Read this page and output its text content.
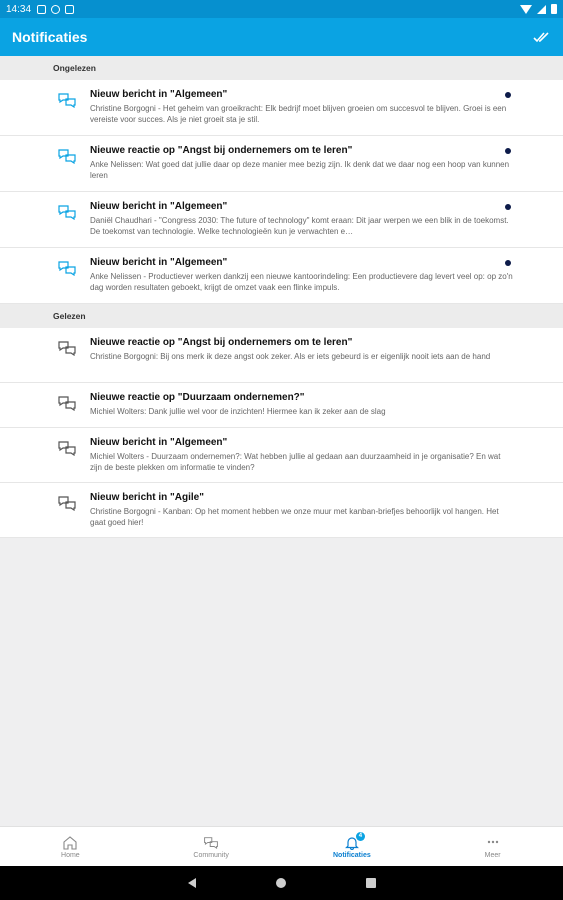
14:34
Notificaties
Ongelezen
Nieuw bericht in "Algemeen"
Christine Borgogni - Het geheim van groeikracht: Elk bedrijf moet blijven groeien om succesvol te blijven. Groei is een vereiste voor succes. Als je niet groeit sta je stil.
Nieuwe reactie op "Angst bij ondernemers om te leren"
Anke Nelissen: Wat goed dat jullie daar op deze manier mee bezig zijn. Ik denk dat we daar nog een hoop van kunnen leren
Nieuw bericht in "Algemeen"
Daniël Chaudhari - "Congress 2030: The future of technology" komt eraan: Dit jaar werpen we een blik in de toekomst. De toekomst van technologie. Welke technologieën kun je verwachten e…
Nieuw bericht in "Algemeen"
Anke Nelissen - Productiever werken dankzij een nieuwe kantoorindeling: Een productievere dag levert veel op: op zo'n dag worden resultaten geboekt, krijgt de omzet vaak een flinke impuls.
Gelezen
Nieuwe reactie op "Angst bij ondernemers om te leren"
Christine Borgogni: Bij ons merk ik deze angst ook zeker. Als er iets gebeurd is er eigenlijk nooit iets aan de hand
Nieuwe reactie op "Duurzaam ondernemen?"
Michiel Wolters: Dank jullie wel voor de inzichten! Hiermee kan ik zeker aan de slag
Nieuw bericht in "Algemeen"
Michiel Wolters - Duurzaam ondernemen?: Wat hebben jullie al gedaan aan duurzaamheid in je organisatie? En wat zijn de beste plekken om informatie te vinden?
Nieuw bericht in "Agile"
Christine Borgogni - Kanban: Op het moment hebben we onze muur met kanban-briefjes behoorlijk vol hangen. Het gaat goed hier!
Home	Community
4
Notificaties	Meer
